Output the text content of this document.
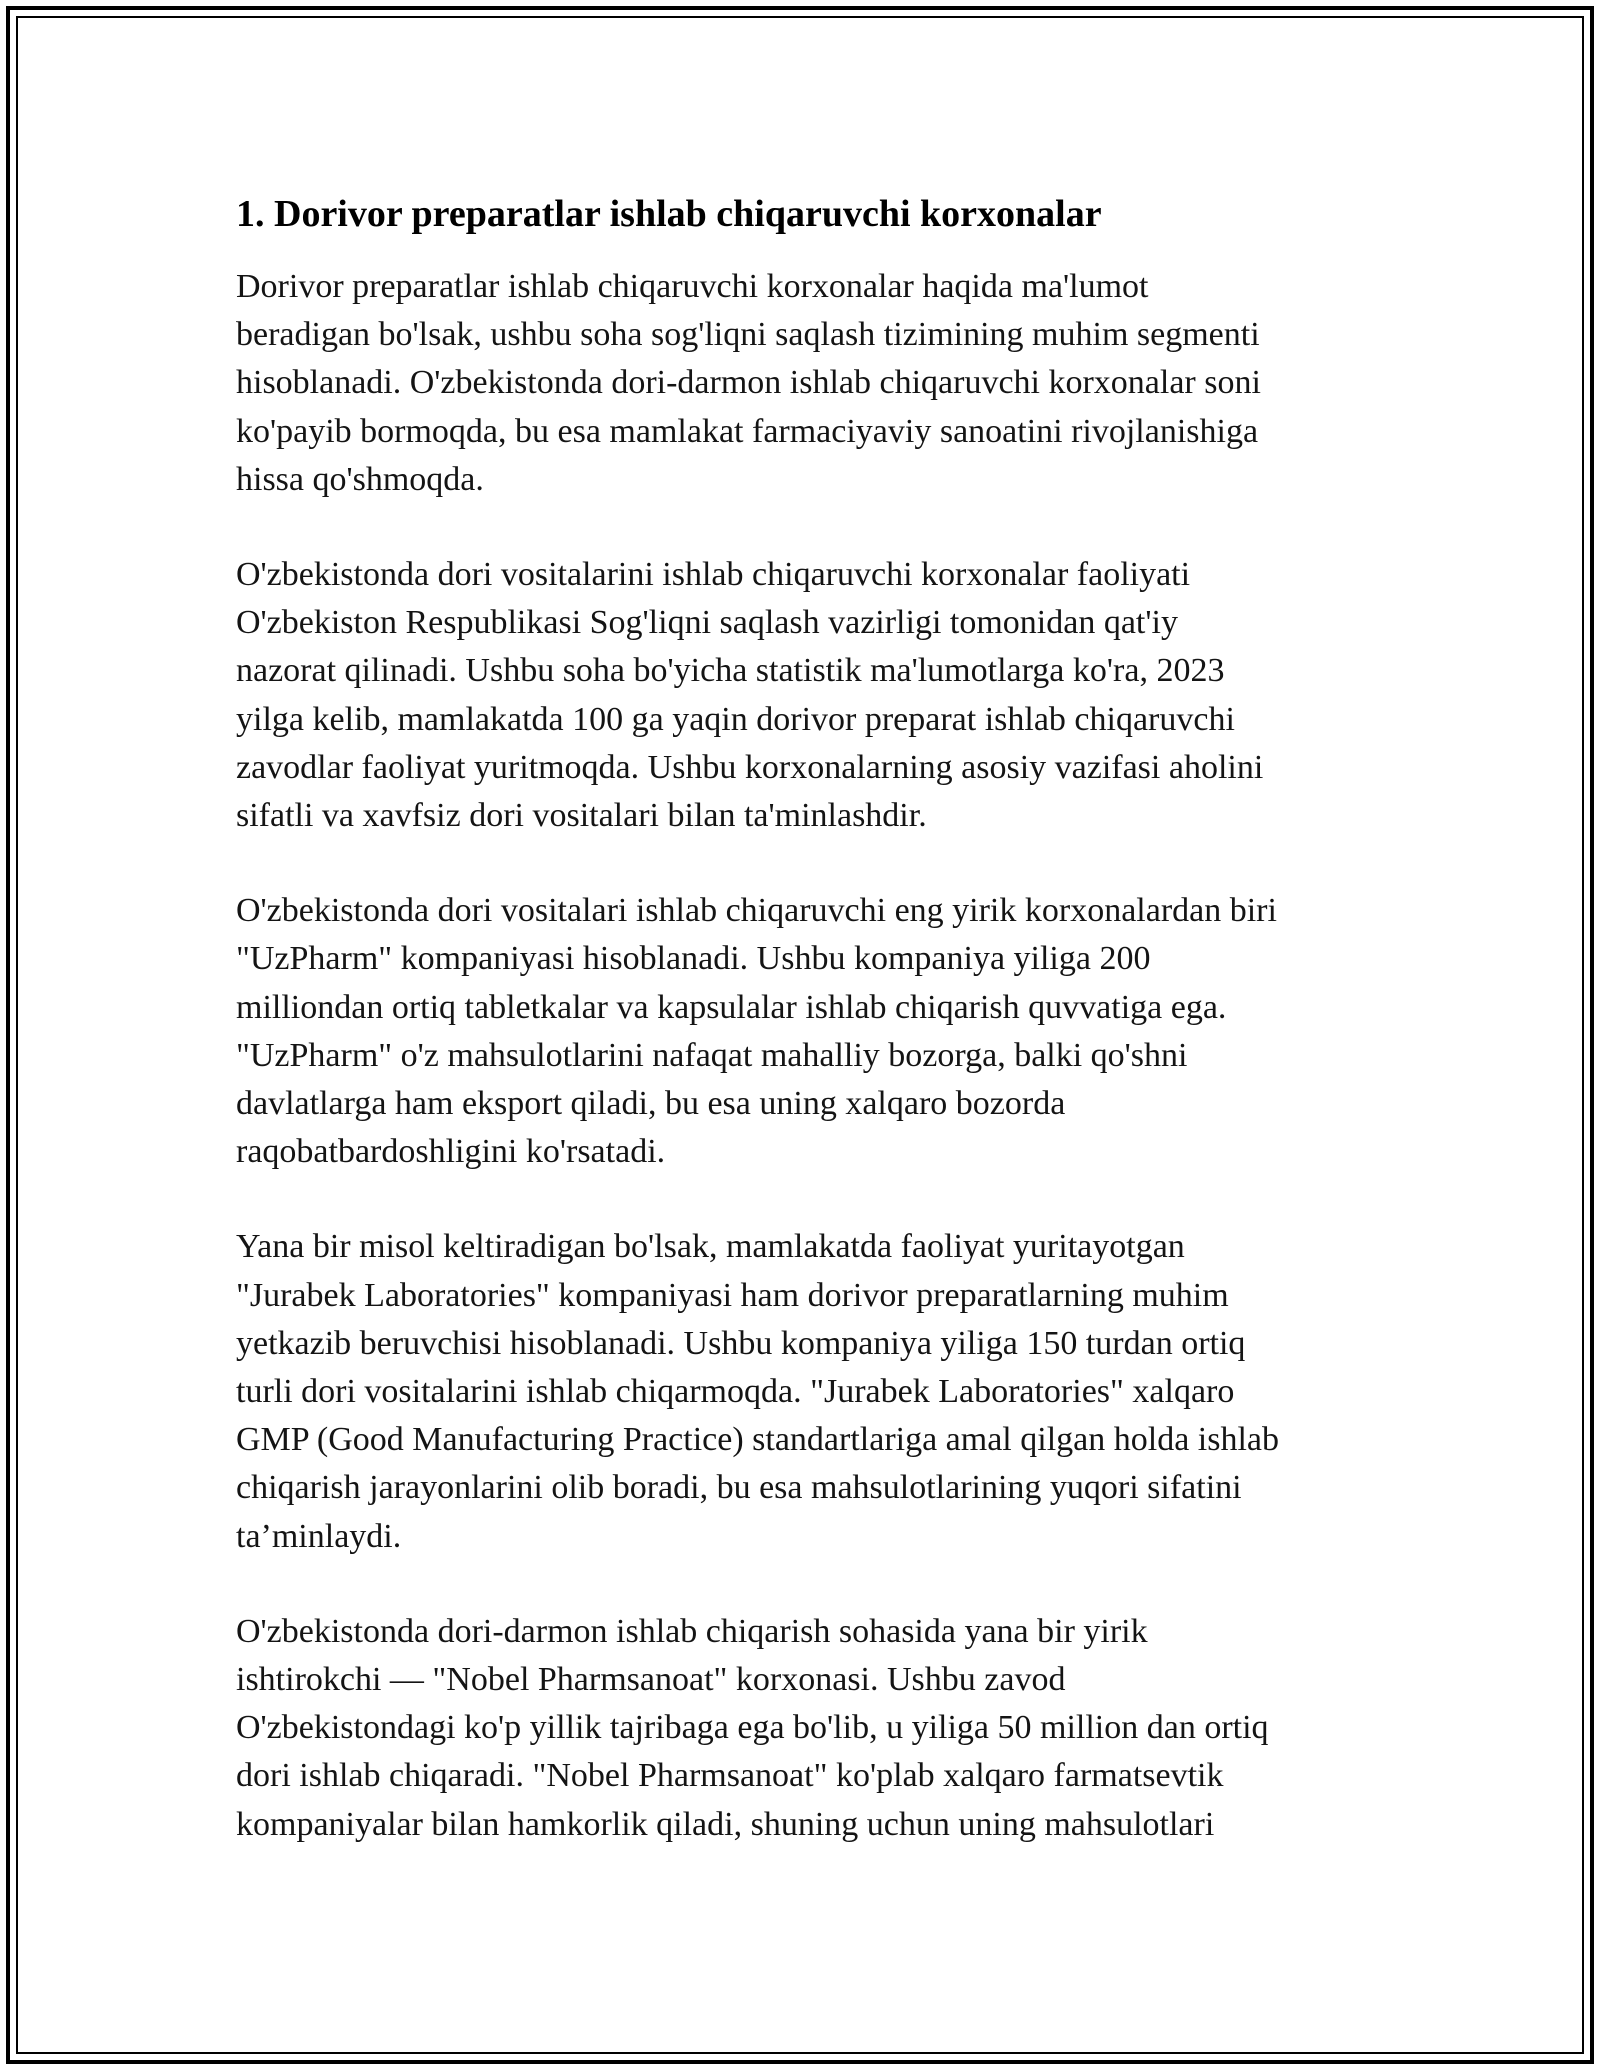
1. Dorivor preparatlar ishlab chiqaruvchi korxonalar

Dorivor preparatlar ishlab chiqaruvchi korxonalar haqida ma'lumot
beradigan bo'lsak, ushbu soha sog'liqni saqlash tizimining muhim segmenti
hisoblanadi. O'zbekistonda dori-darmon ishlab chiqaruvchi korxonalar soni
ko'payib bormoqda, bu esa mamlakat farmaciyaviy sanoatini rivojlanishiga
hissa qo'shmoqda.

O'zbekistonda dori vositalarini ishlab chiqaruvchi korxonalar faoliyati
O'zbekiston Respublikasi Sog'liqni saqlash vazirligi tomonidan qat'iy
nazorat qilinadi. Ushbu soha bo'yicha statistik ma'lumotlarga ko'ra, 2023
yilga kelib, mamlakatda 100 ga yaqin dorivor preparat ishlab chiqaruvchi
zavodlar faoliyat yuritmoqda. Ushbu korxonalarning asosiy vazifasi aholini
sifatli va xavfsiz dori vositalari bilan ta'minlashdir.

O'zbekistonda dori vositalari ishlab chiqaruvchi eng yirik korxonalardan biri
"UzPharm" kompaniyasi hisoblanadi. Ushbu kompaniya yiliga 200
milliondan ortiq tabletkalar va kapsulalar ishlab chiqarish quvvatiga ega.
"UzPharm" o'z mahsulotlarini nafaqat mahalliy bozorga, balki qo'shni
davlatlarga ham eksport qiladi, bu esa uning xalqaro bozorda
raqobatbardoshligini ko'rsatadi.

Yana bir misol keltiradigan bo'lsak, mamlakatda faoliyat yuritayotgan
"Jurabek Laboratories" kompaniyasi ham dorivor preparatlarning muhim
yetkazib beruvchisi hisoblanadi. Ushbu kompaniya yiliga 150 turdan ortiq
turli dori vositalarini ishlab chiqarmoqda. "Jurabek Laboratories" xalqaro
GMP (Good Manufacturing Practice) standartlariga amal qilgan holda ishlab
chiqarish jarayonlarini olib boradi, bu esa mahsulotlarining yuqori sifatini
ta’minlaydi.

O'zbekistonda dori-darmon ishlab chiqarish sohasida yana bir yirik
ishtirokchi — "Nobel Pharmsanoat" korxonasi. Ushbu zavod
O'zbekistondagi ko'p yillik tajribaga ega bo'lib, u yiliga 50 million dan ortiq
dori ishlab chiqaradi. "Nobel Pharmsanoat" ko'plab xalqaro farmatsevtik
kompaniyalar bilan hamkorlik qiladi, shuning uchun uning mahsulotlari
